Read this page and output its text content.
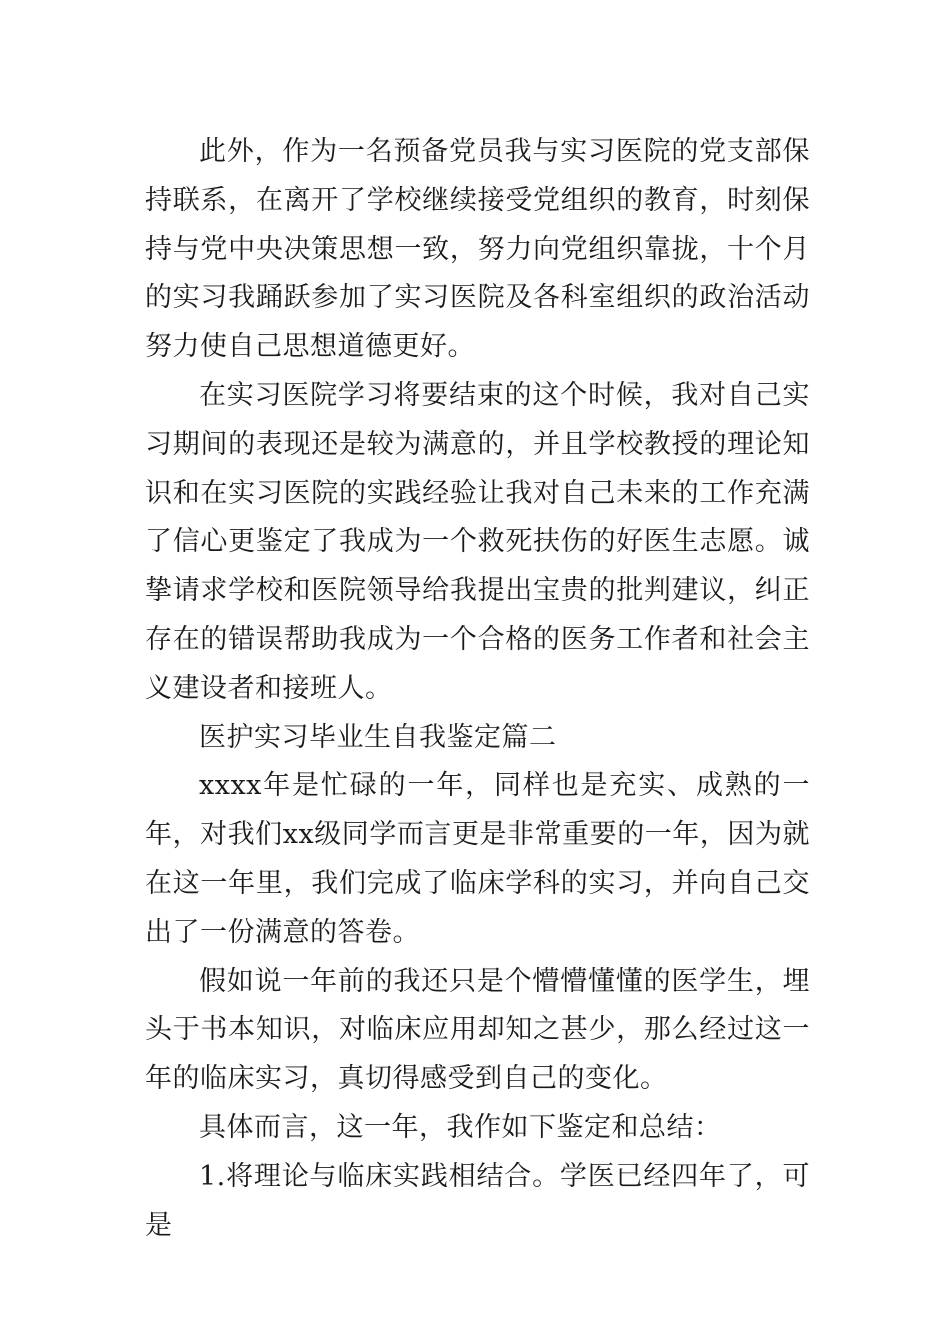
此外，作为一名预备党员我与实习医院的党支部保持联系，在离开了学校继续接受党组织的教育，时刻保持与党中央决策思想一致，努力向党组织靠拢，十个月的实习我踊跃参加了实习医院及各科室组织的政治活动努力使自己思想道德更好。

在实习医院学习将要结束的这个时候，我对自己实习期间的表现还是较为满意的，并且学校教授的理论知识和在实习医院的实践经验让我对自己未来的工作充满了信心更鉴定了我成为一个救死扶伤的好医生志愿。诚挚请求学校和医院领导给我提出宝贵的批判建议，纠正存在的错误帮助我成为一个合格的医务工作者和社会主义建设者和接班人。

医护实习毕业生自我鉴定篇二

xxxx年是忙碌的一年，同样也是充实、成熟的一年，对我们xx级同学而言更是非常重要的一年，因为就在这一年里，我们完成了临床学科的实习，并向自己交出了一份满意的答卷。

假如说一年前的我还只是个懵懵懂懂的医学生，埋头于书本知识，对临床应用却知之甚少，那么经过这一年的临床实习，真切得感受到自己的变化。

具体而言，这一年，我作如下鉴定和总结：

1.将理论与临床实践相结合。学医已经四年了，可是
